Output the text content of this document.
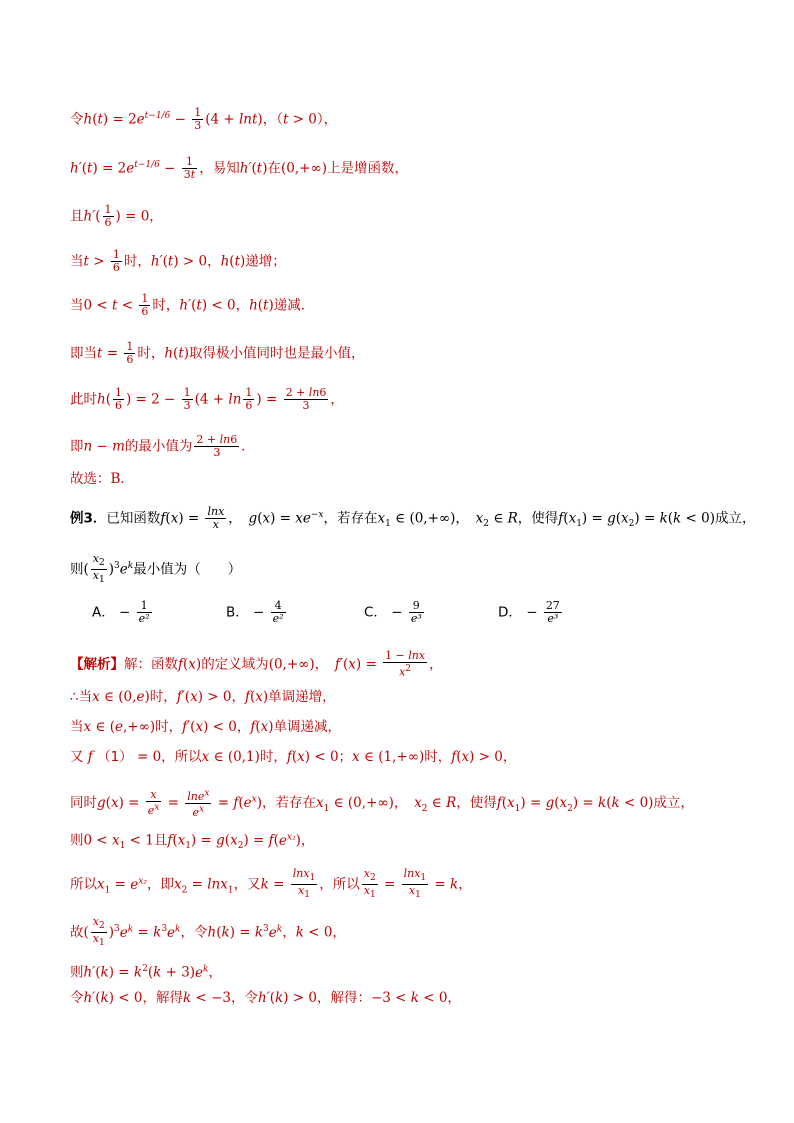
令$h(t) = 2e^{t-1/6} - \frac{1}{3} (4 + \ln t)$，（t > 0），
$h'(t) = 2e^{t-1/6} - \frac{1}{3t}$ ，易知h′(t)在(0,+∞)上是增函数，
且$h'( \frac{1}{6}$ ) = 0，
当$t > \frac{1}{6}$ 时，h′(t) > 0，h(t)递增；
当$0 < t < \frac{1}{6}$ 时，h′(t) < 0，h(t)递减．
即当$t = \frac{1}{6}$ 时，h(t)取得极小值同时也是最小值，
此时$h( \frac{1}{6}$ ) = $2 - \frac{1}{3} (4 + \ln \frac{1}{6}$ ) = $\frac{2 + \ln 6}{3}$ ，
即n − m的最小值为 $\frac{2 + \ln 6}{3}$ ．
故选：B．
例3．已知函数$f(x) = \frac{\ln x}{x}$ ，　$g(x) = xe^{-x}$，若存在$x_1$ ∈ (0,+∞)，　$x_2$ ∈ R，使得$f(x_1) = g(x_2) = k(k < 0)$成立，
则( $\frac{x_2}{x_1} )^3e^k$最小值为（　　）
A． − $\frac{1}{\text{e²}}$	B． − $\frac{4}{\text{e²}}$	C． − $\frac{9}{\text{e³}}$	D． − $\frac{27}{\text{e³}}$
【解析】解：函数f(x)的定义域为(0,+∞)，　$f'(x) = \frac{1 - \ln x}{x^2}$ ，
∴当x ∈ (0,e)时，f′(x) > 0，f(x)单调递增，
当x ∈ (e,+∞)时，f′(x) < 0，f(x)单调递减，
又 f （1） = 0，所以x ∈ (0,1)时，f(x) < 0；x ∈ (1,+∞)时，f(x) > 0，
同时$g(x) = \frac{x}{e^x} = \frac{\ln e^x}{e^x} = f(e^x)$，若存在$x_1$ ∈ (0,+∞)，　$x_2$ ∈ R，使得$f(x_1) = g(x_2) = k(k < 0)$成立，
则$0 < x_1 < 1$且$f(x_1) = g(x_2) = f(e^{x_2})$，
所以$x_1 = e^{x_2}$，即$x_2 = \ln x_1$，又$k = \frac{\ln x_1}{x_1}$ ，所以 $\frac{x_2}{x_1} = \frac{\ln x_1}{x_1} = k$，
故( $\frac{x_2}{x_1} )^3e^k = k^3e^k$，令$h(k) = k^3e^k$，k < 0，
则$h'(k) = k^2(k + 3)e^k$，
令h′(k) < 0，解得k < −3，令h′(k) > 0，解得：−3 < k < 0，
